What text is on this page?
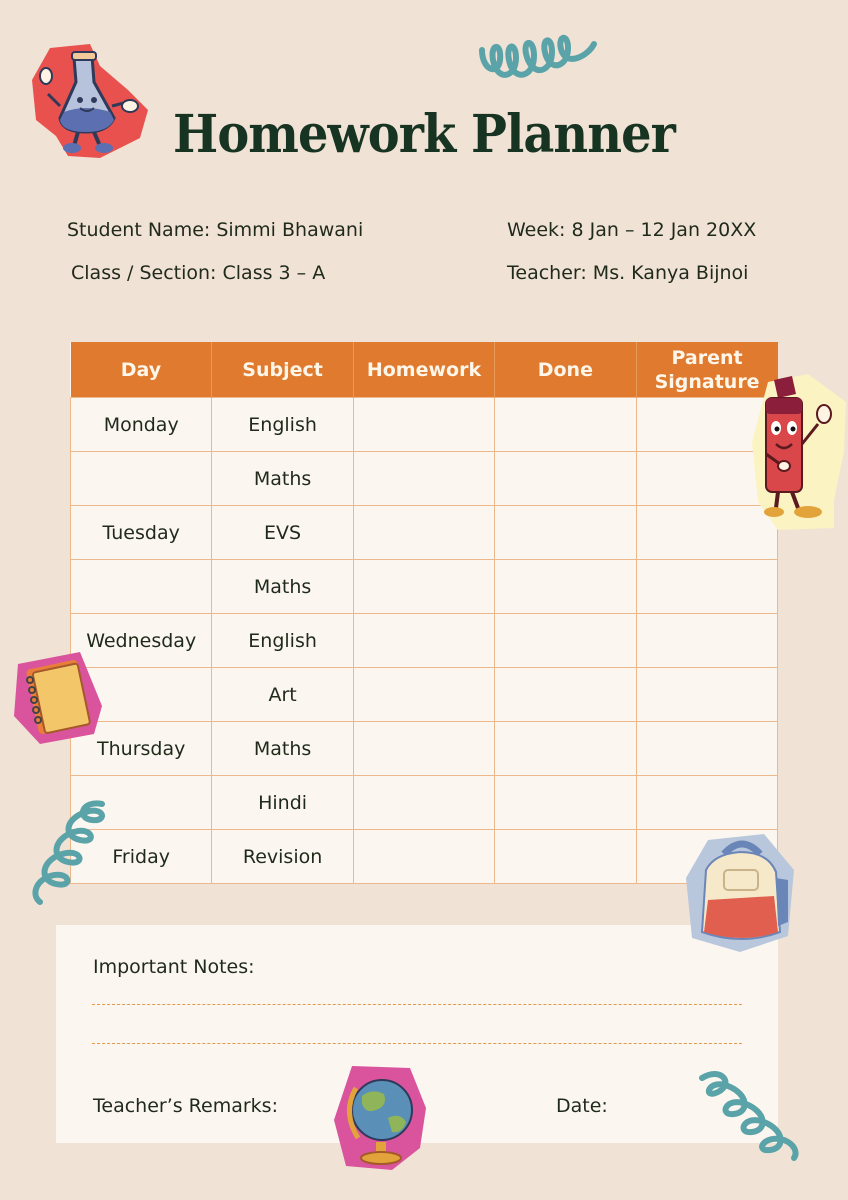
Homework Planner
Student Name: Simmi Bhawani
Class / Section: Class 3 – A
Week: 8 Jan – 12 Jan 20XX
Teacher: Ms. Kanya Bijnoi
Day	Subject	Homework	Done	Parent Signature
Monday	English			
	Maths			
Tuesday	EVS			
	Maths			
Wednesday	English			
	Art			
Thursday	Maths			
	Hindi			
Friday	Revision			
Important Notes:
Teacher’s Remarks:	Date:
